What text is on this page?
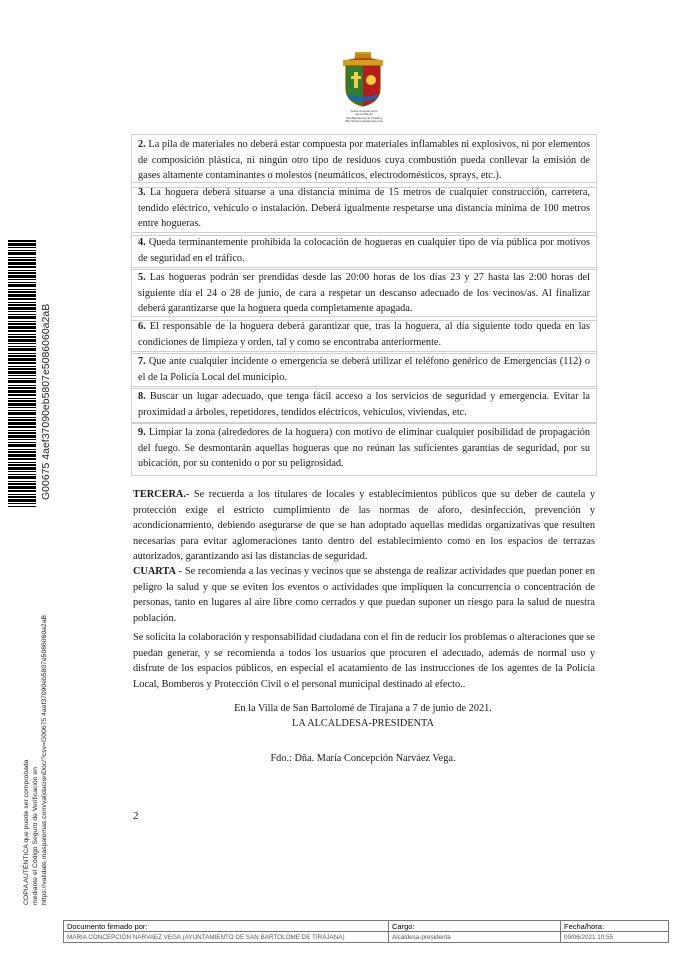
Ilustre Ayuntamiento
de la Villa de
San Bartolomé de Tirajana
http://www.maspalomas.com
G00675 4aef37090eb5807e5086060a2aB
COPIA AUTÉNTICA que puede ser comprobada mediante el Código Seguro de Verificación en https://validate.maspalomas.com/validacionDoc/?csv=G00675 4aef37090eb5807e5086060a2aB
2. La pila de materiales no deberá estar compuesta por materiales inflamables ni explosivos, ni por elementos de composición plástica, ni ningún otro tipo de residuos cuya combustión pueda conllevar la emisión de gases altamente contaminantes o molestos (neumáticos, electrodomésticos, sprays, etc.).
3. La hoguera deberá situarse a una distancia mínima de 15 metros de cualquier construcción, carretera, tendido eléctrico, vehículo o instalación. Deberá igualmente respetarse una distancia mínima de 100 metros entre hogueras.
4. Queda terminantemente prohibida la colocación de hogueras en cualquier tipo de vía pública por motivos de seguridad en el tráfico.
5. Las hogueras podrán ser prendidas desde las 20:00 horas de los días 23 y 27 hasta las 2:00 horas del siguiente día el 24 o 28 de junio, de cara a respetar un descanso adecuado de los vecinos/as. Al finalizar deberá garantizarse que la hoguera queda completamente apagada.
6. El responsable de la hoguera deberá garantizar que, tras la hoguera, al día siguiente todo queda en las condiciones de limpieza y orden, tal y como se encontraba anteriormente.
7. Que ante cualquier incidente o emergencia se deberá utilizar el teléfono genérico de Emergencias (112) o el de la Policía Local del municipio.
8. Buscar un lugar adecuado, que tenga fácil acceso a los servicios de seguridad y emergencia. Evitar la proximidad a árboles, repetidores, tendidos eléctricos, vehículos, viviendas, etc.
9. Limpiar la zona (alrededores de la hoguera) con motivo de eliminar cualquier posibilidad de propagación del fuego. Se desmontarán aquellas hogueras que no reúnan las suficientes garantías de seguridad, por su ubicación, por su contenido o por su peligrosidad.

TERCERA.- Se recuerda a los titulares de locales y establecimientos públicos que su deber de cautela y protección exige el estricto cumplimiento de las normas de aforo, desinfección, prevención y acondicionamiento, debiendo asegurarse de que se han adoptado aquellas medidas organizativas que resulten necesarias para evitar aglomeraciones tanto dentro del establecimiento como en los espacios de terrazas autorizados, garantizando así las distancias de seguridad.

CUARTA - Se recomienda a las vecinas y vecinos que se abstenga de realizar actividades que puedan poner en peligro la salud y que se eviten los eventos o actividades que impliquen la concurrencia o concentración de personas, tanto en lugares al aire libre como cerrados y que puedan suponer un riesgo para la salud de nuestra población.

Se solicita la colaboración y responsabilidad ciudadana con el fin de reducir los problemas o alteraciones que se puedan generar, y se recomienda a todos los usuarios que procuren el adecuado, además de normal uso y disfrute de los espacios públicos, en especial el acatamiento de las instrucciones de los agentes de la Policía Local, Bomberos y Protección Civil o el personal municipal destinado al efecto..

En la Villa de San Bartolomé de Tirajana a 7 de junio de 2021.
LA ALCALDESA-PRESIDENTA
Fdo.: Dña. María Concepción Narváez Vega.
2
Documento firmado por:	Cargo:	Fecha/hora:
MARIA CONCEPCIÓN NARVAEZ VEGA (AYUNTAMIENTO DE SAN BARTOLOME DE TIRAJANA)	Alcaldesa-presidenta	09/06/2021 10:55
